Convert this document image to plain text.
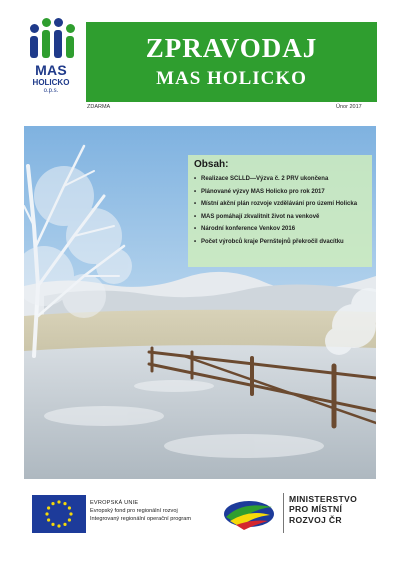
MAS
HOLICKO
o.p.s.
ZPRAVODAJ
MAS HOLICKO
ZDARMA	Únor 2017
Obsah:
• Realizace SCLLD—Výzva č. 2 PRV ukončena
• Plánované výzvy MAS Holicko pro rok 2017
• Místní akční plán rozvoje vzdělávání pro území Holicka
• MAS pomáhají zkvalitnit život na venkově
• Národní konference Venkov 2016
• Počet výrobců kraje Pernštejnů překročil dvacítku
EVROPSKÁ UNIE
Evropský fond pro regionální rozvoj
Integrovaný regionální operační program
MINISTERSTVO
PRO MÍSTNÍ
ROZVOJ ČR
